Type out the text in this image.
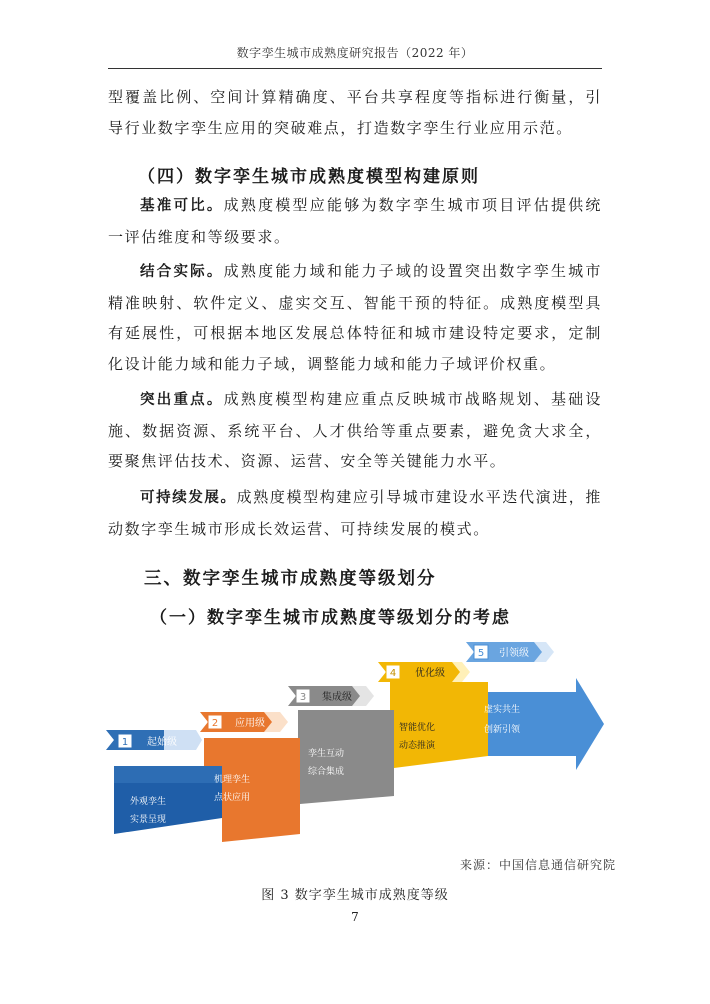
数字孪生城市成熟度研究报告（2022 年）

型覆盖比例、空间计算精确度、平台共享程度等指标进行衡量，引导行业数字孪生应用的突破难点，打造数字孪生行业应用示范。

（四）数字孪生城市成熟度模型构建原则

基准可比。成熟度模型应能够为数字孪生城市项目评估提供统一评估维度和等级要求。

结合实际。成熟度能力域和能力子域的设置突出数字孪生城市精准映射、软件定义、虚实交互、智能干预的特征。成熟度模型具有延展性，可根据本地区发展总体特征和城市建设特定要求，定制化设计能力域和能力子域，调整能力域和能力子域评价权重。

突出重点。成熟度模型构建应重点反映城市战略规划、基础设施、数据资源、系统平台、人才供给等重点要素，避免贪大求全，要聚焦评估技术、资源、运营、安全等关键能力水平。

可持续发展。成熟度模型构建应引导城市建设水平迭代演进，推动数字孪生城市形成长效运营、可持续发展的模式。

三、数字孪生城市成熟度等级划分
（一）数字孪生城市成熟度等级划分的考虑
1 起始级
外观孪生
实景呈现
2 应用级
机理孪生
点状应用
3 集成级
孪生互动
综合集成
4 优化级
智能优化
动态推演
5 引领级
虚实共生
创新引领
来源：中国信息通信研究院
图 3 数字孪生城市成熟度等级
7
